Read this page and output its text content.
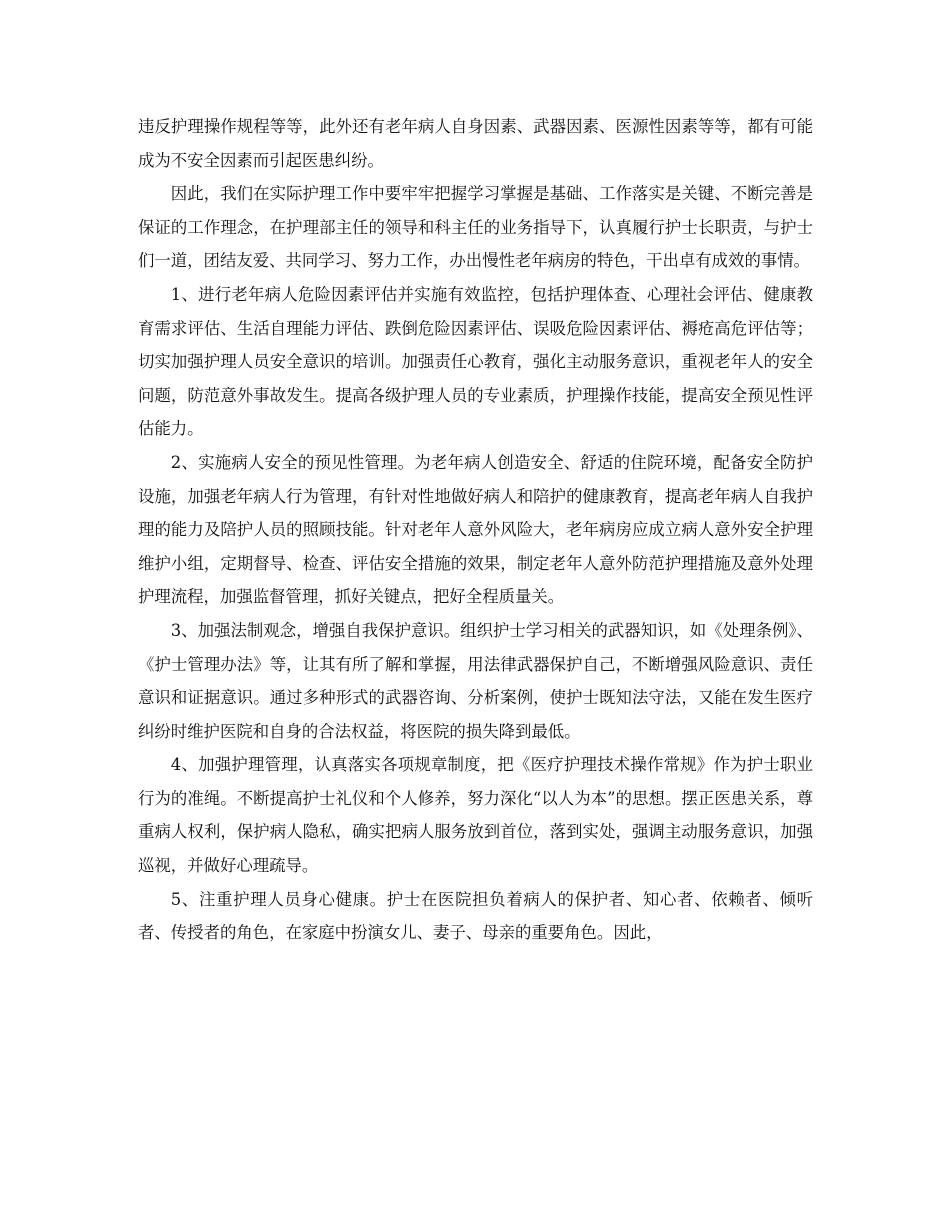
违反护理操作规程等等，此外还有老年病人自身因素、武器因素、医源性因素等等，都有可能成为不安全因素而引起医患纠纷。

因此，我们在实际护理工作中要牢牢把握学习掌握是基础、工作落实是关键、不断完善是保证的工作理念，在护理部主任的领导和科主任的业务指导下，认真履行护士长职责，与护士们一道，团结友爱、共同学习、努力工作，办出慢性老年病房的特色，干出卓有成效的事情。

1、进行老年病人危险因素评估并实施有效监控，包括护理体查、心理社会评估、健康教育需求评估、生活自理能力评估、跌倒危险因素评估、误吸危险因素评估、褥疮高危评估等；切实加强护理人员安全意识的培训。加强责任心教育，强化主动服务意识，重视老年人的安全问题，防范意外事故发生。提高各级护理人员的专业素质，护理操作技能，提高安全预见性评估能力。

2、实施病人安全的预见性管理。为老年病人创造安全、舒适的住院环境，配备安全防护设施，加强老年病人行为管理，有针对性地做好病人和陪护的健康教育，提高老年病人自我护理的能力及陪护人员的照顾技能。针对老年人意外风险大，老年病房应成立病人意外安全护理维护小组，定期督导、检查、评估安全措施的效果，制定老年人意外防范护理措施及意外处理护理流程，加强监督管理，抓好关键点，把好全程质量关。

3、加强法制观念，增强自我保护意识。组织护士学习相关的武器知识，如《处理条例》、《护士管理办法》等，让其有所了解和掌握，用法律武器保护自己，不断增强风险意识、责任意识和证据意识。通过多种形式的武器咨询、分析案例，使护士既知法守法，又能在发生医疗纠纷时维护医院和自身的合法权益，将医院的损失降到最低。

4、加强护理管理，认真落实各项规章制度，把《医疗护理技术操作常规》作为护士职业行为的准绳。不断提高护士礼仪和个人修养，努力深化“以人为本”的思想。摆正医患关系，尊重病人权利，保护病人隐私，确实把病人服务放到首位，落到实处，强调主动服务意识，加强巡视，并做好心理疏导。

5、注重护理人员身心健康。护士在医院担负着病人的保护者、知心者、依赖者、倾听者、传授者的角色，在家庭中扮演女儿、妻子、母亲的重要角色。因此，
